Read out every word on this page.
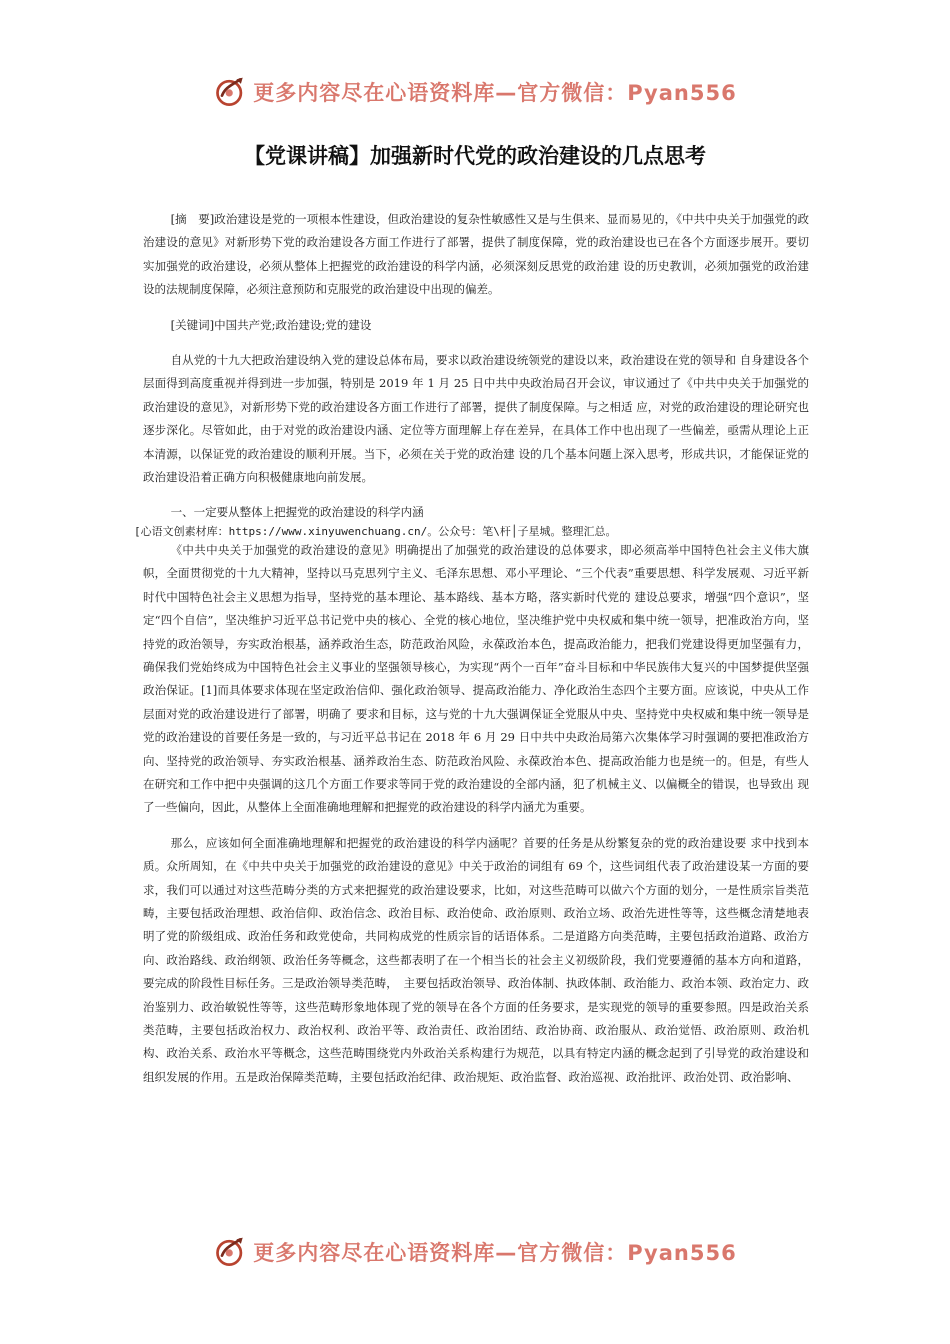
更多内容尽在心语资料库—官方微信：Pyan556
【党课讲稿】加强新时代党的政治建设的几点思考

[摘　要]政治建设是党的一项根本性建设，但政治建设的复杂性敏感性又是与生俱来、显而易见的，《中共中央关于加强党的政治建设的意见》对新形势下党的政治建设各方面工作进行了部署，提供了制度保障，党的政治建设也已在各个方面逐步展开。要切实加强党的政治建设，必须从整体上把握党的政治建设的科学内涵，必须深刻反思党的政治建 设的历史教训，必须加强党的政治建设的法规制度保障，必须注意预防和克服党的政治建设中出现的偏差。

[关键词]中国共产党;政治建设;党的建设

自从党的十九大把政治建设纳入党的建设总体布局，要求以政治建设统领党的建设以来，政治建设在党的领导和 自身建设各个层面得到高度重视并得到进一步加强，特别是 2019 年 1 月 25 日中共中央政治局召开会议，审议通过了《中共中央关于加强党的政治建设的意见》，对新形势下党的政治建设各方面工作进行了部署，提供了制度保障。与之相适 应，对党的政治建设的理论研究也逐步深化。尽管如此，由于对党的政治建设内涵、定位等方面理解上存在差异，在具体工作中也出现了一些偏差，亟需从理论上正本清源，以保证党的政治建设的顺利开展。当下，必须在关于党的政治建 设的几个基本问题上深入思考，形成共识，才能保证党的政治建设沿着正确方向积极健康地向前发展。

一、一定要从整体上把握党的政治建设的科学内涵

[心语文创素材库：https://www.xinyuwenchuang.cn/。公众号：笔\杆│子星城。整理汇总。

《中共中央关于加强党的政治建设的意见》明确提出了加强党的政治建设的总体要求，即必须高举中国特色社会主义伟大旗帜，全面贯彻党的十九大精神，坚持以马克思列宁主义、毛泽东思想、邓小平理论、“三个代表”重要思想、科学发展观、习近平新时代中国特色社会主义思想为指导，坚持党的基本理论、基本路线、基本方略，落实新时代党的 建设总要求，增强“四个意识”，坚定“四个自信”，坚决维护习近平总书记党中央的核心、全党的核心地位，坚决维护党中央权威和集中统一领导，把准政治方向，坚持党的政治领导，夯实政治根基，涵养政治生态，防范政治风险，永葆政治本色，提高政治能力，把我们党建设得更加坚强有力，确保我们党始终成为中国特色社会主义事业的坚强领导核心，为实现“两个一百年”奋斗目标和中华民族伟大复兴的中国梦提供坚强政治保证。[1]而具体要求体现在坚定政治信仰、强化政治领导、提高政治能力、净化政治生态四个主要方面。应该说，中央从工作层面对党的政治建设进行了部署，明确了 要求和目标，这与党的十九大强调保证全党服从中央、坚持党中央权威和集中统一领导是党的政治建设的首要任务是一致的，与习近平总书记在 2018 年 6 月 29 日中共中央政治局第六次集体学习时强调的要把准政治方向、坚持党的政治领导、夯实政治根基、涵养政治生态、防范政治风险、永葆政治本色、提高政治能力也是统一的。但是，有些人在研究和工作中把中央强调的这几个方面工作要求等同于党的政治建设的全部内涵，犯了机械主义、以偏概全的错误，也导致出 现了一些偏向，因此，从整体上全面准确地理解和把握党的政治建设的科学内涵尤为重要。

那么，应该如何全面准确地理解和把握党的政治建设的科学内涵呢？首要的任务是从纷繁复杂的党的政治建设要 求中找到本质。众所周知，在《中共中央关于加强党的政治建设的意见》中关于政治的词组有 69 个，这些词组代表了政治建设某一方面的要求，我们可以通过对这些范畴分类的方式来把握党的政治建设要求，比如，对这些范畴可以做六个方面的划分，一是性质宗旨类范畴，主要包括政治理想、政治信仰、政治信念、政治目标、政治使命、政治原则、政治立场、政治先进性等等，这些概念清楚地表明了党的阶级组成、政治任务和政党使命，共同构成党的性质宗旨的话语体系。二是道路方向类范畴，主要包括政治道路、政治方向、政治路线、政治纲领、政治任务等概念，这些都表明了在一个相当长的社会主义初级阶段，我们党要遵循的基本方向和道路，要完成的阶段性目标任务。三是政治领导类范畴，　主要包括政治领导、政治体制、执政体制、政治能力、政治本领、政治定力、政治鉴别力、政治敏锐性等等，这些范畴形象地体现了党的领导在各个方面的任务要求，是实现党的领导的重要参照。四是政治关系类范畴，主要包括政治权力、政治权利、政治平等、政治责任、政治团结、政治协商、政治服从、政治觉悟、政治原则、政治机构、政治关系、政治水平等概念，这些范畴围绕党内外政治关系构建行为规范，以具有特定内涵的概念起到了引导党的政治建设和组织发展的作用。五是政治保障类范畴，主要包括政治纪律、政治规矩、政治监督、政治巡视、政治批评、政治处罚、政治影响、

更多内容尽在心语资料库—官方微信：Pyan556
